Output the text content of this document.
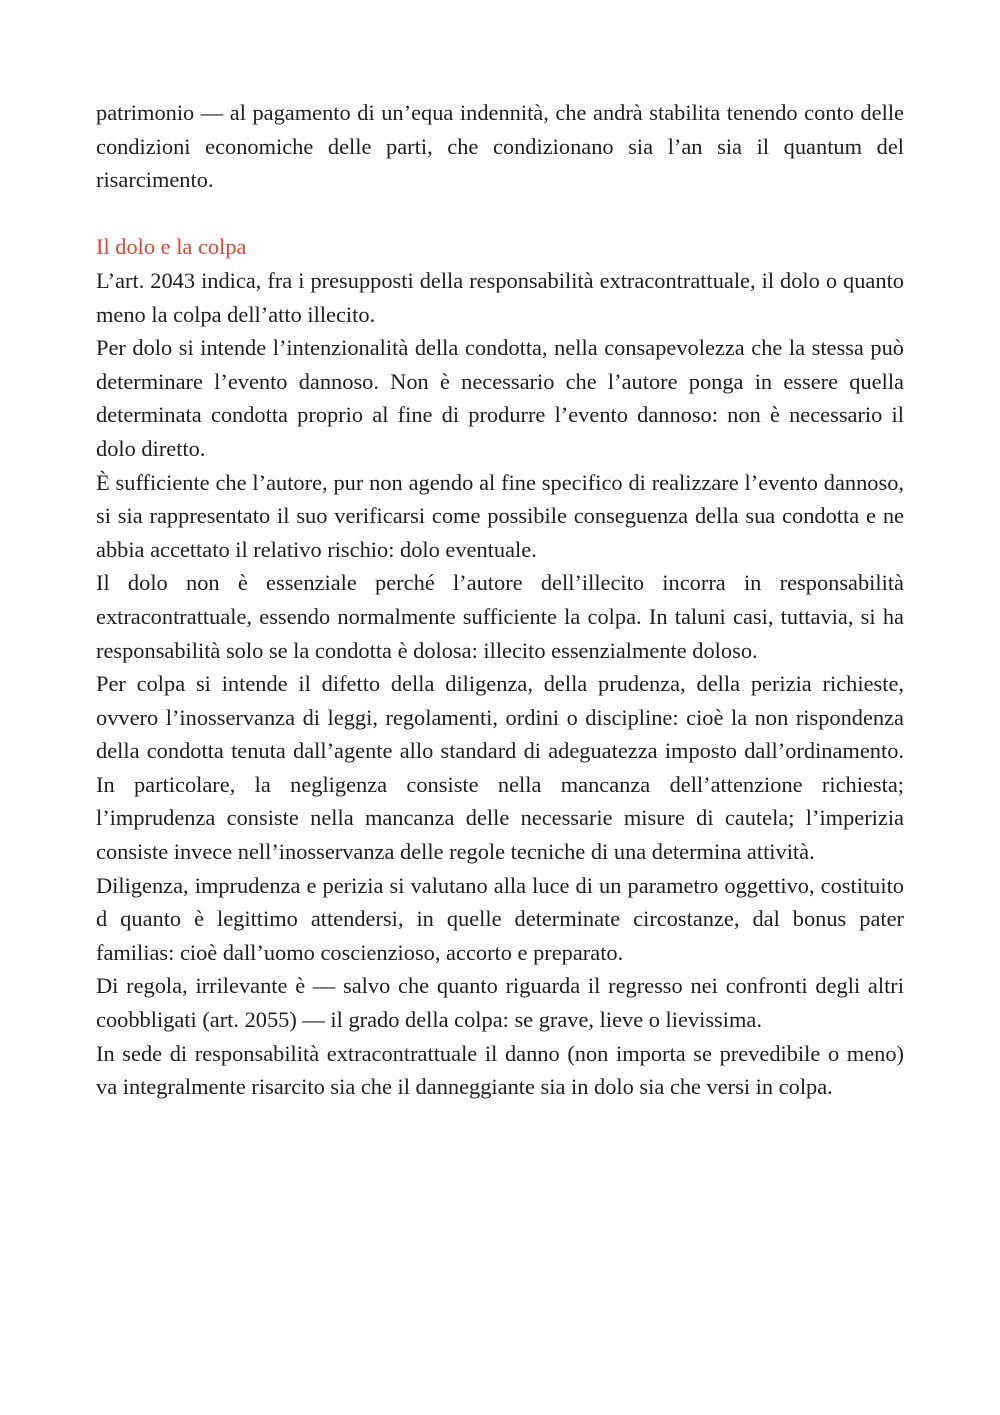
patrimonio — al pagamento di un’equa indennità, che andrà stabilita tenendo conto delle condizioni economiche delle parti, che condizionano sia l’an sia il quantum del risarcimento.

Il dolo e la colpa

L’art. 2043 indica, fra i presupposti della responsabilità extracontrattuale, il dolo o quanto meno la colpa dell’atto illecito.

Per dolo si intende l’intenzionalità della condotta, nella consapevolezza che la stessa può determinare l’evento dannoso. Non è necessario che l’autore ponga in essere quella determinata condotta proprio al fine di produrre l’evento dannoso: non è necessario il dolo diretto.

È sufficiente che l’autore, pur non agendo al fine specifico di realizzare l’evento dannoso, si sia rappresentato il suo verificarsi come possibile conseguenza della sua condotta e ne abbia accettato il relativo rischio: dolo eventuale.

Il dolo non è essenziale perché l’autore dell’illecito incorra in responsabilità extracontrattuale, essendo normalmente sufficiente la colpa. In taluni casi, tuttavia, si ha responsabilità solo se la condotta è dolosa: illecito essenzialmente doloso.

Per colpa si intende il difetto della diligenza, della prudenza, della perizia richieste, ovvero l’inosservanza di leggi, regolamenti, ordini o discipline: cioè la non rispondenza della condotta tenuta dall’agente allo standard di adeguatezza imposto dall’ordinamento. In particolare, la negligenza consiste nella mancanza dell’attenzione richiesta; l’imprudenza consiste nella mancanza delle necessarie misure di cautela; l’imperizia consiste invece nell’inosservanza delle regole tecniche di una determina attività.

Diligenza, imprudenza e perizia si valutano alla luce di un parametro oggettivo, costituito d quanto è legittimo attendersi, in quelle determinate circostanze, dal bonus pater familias: cioè dall’uomo coscienzioso, accorto e preparato.

Di regola, irrilevante è — salvo che quanto riguarda il regresso nei confronti degli altri coobbligati (art. 2055) — il grado della colpa: se grave, lieve o lievissima.

In sede di responsabilità extracontrattuale il danno (non importa se prevedibile o meno) va integralmente risarcito sia che il danneggiante sia in dolo sia che versi in colpa.
